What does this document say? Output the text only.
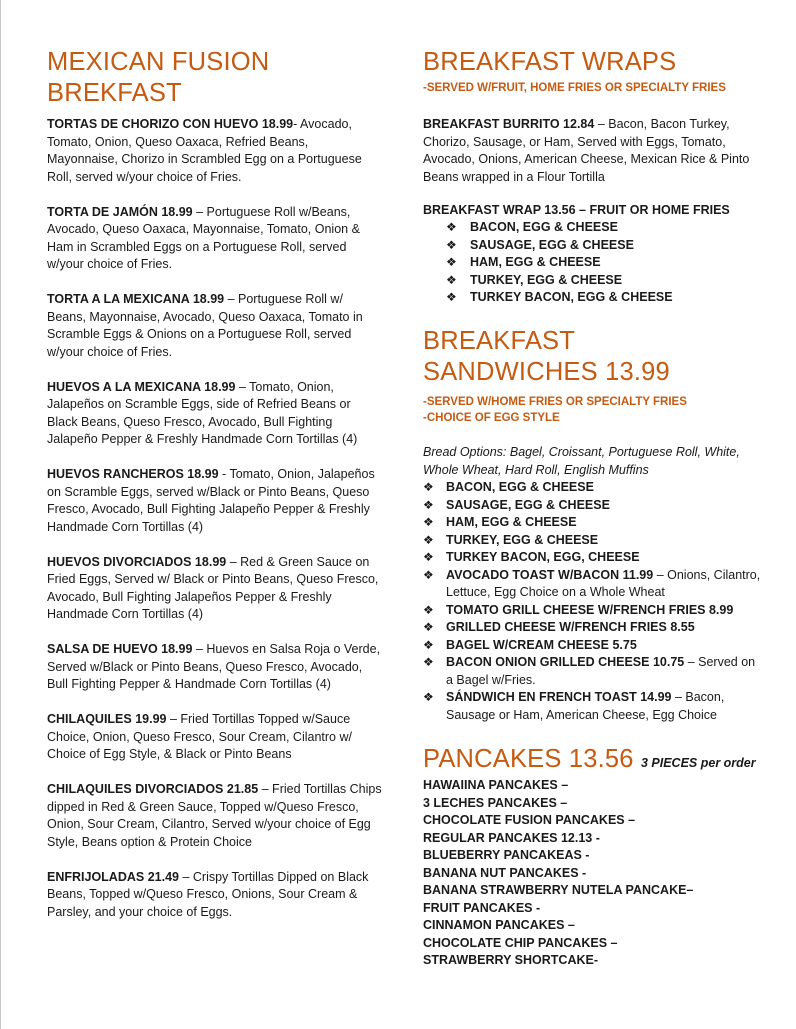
MEXICAN FUSION
BREKFAST
TORTAS DE CHORIZO CON HUEVO 18.99- Avocado, Tomato, Onion, Queso Oaxaca, Refried Beans, Mayonnaise, Chorizo in Scrambled Egg on a Portuguese Roll, served w/your choice of Fries.
TORTA DE JAMÓN 18.99 – Portuguese Roll w/Beans, Avocado, Queso Oaxaca, Mayonnaise, Tomato, Onion & Ham in Scrambled Eggs on a Portuguese Roll, served w/your choice of Fries.
TORTA A LA MEXICANA 18.99 – Portuguese Roll w/ Beans, Mayonnaise, Avocado, Queso Oaxaca, Tomato in Scramble Eggs & Onions on a Portuguese Roll, served w/your choice of Fries.
HUEVOS A LA MEXICANA 18.99 – Tomato, Onion, Jalapeños on Scramble Eggs, side of Refried Beans or Black Beans, Queso Fresco, Avocado, Bull Fighting Jalapeño Pepper & Freshly Handmade Corn Tortillas (4)
HUEVOS RANCHEROS 18.99 - Tomato, Onion, Jalapeños on Scramble Eggs, served w/Black or Pinto Beans, Queso Fresco, Avocado, Bull Fighting Jalapeño Pepper & Freshly Handmade Corn Tortillas (4)
HUEVOS DIVORCIADOS 18.99 – Red & Green Sauce on Fried Eggs, Served w/ Black or Pinto Beans, Queso Fresco, Avocado, Bull Fighting Jalapeños Pepper & Freshly Handmade Corn Tortillas (4)
SALSA DE HUEVO 18.99 – Huevos en Salsa Roja o Verde, Served w/Black or Pinto Beans, Queso Fresco, Avocado, Bull Fighting Pepper & Handmade Corn Tortillas (4)
CHILAQUILES 19.99 – Fried Tortillas Topped w/Sauce Choice, Onion, Queso Fresco, Sour Cream, Cilantro w/ Choice of Egg Style, & Black or Pinto Beans
CHILAQUILES DIVORCIADOS 21.85 – Fried Tortillas Chips dipped in Red & Green Sauce, Topped w/Queso Fresco, Onion, Sour Cream, Cilantro, Served w/your choice of Egg Style, Beans option & Protein Choice
ENFRIJOLADAS 21.49 – Crispy Tortillas Dipped on Black Beans, Topped w/Queso Fresco, Onions, Sour Cream & Parsley, and your choice of Eggs.
BREAKFAST WRAPS
-SERVED W/FRUIT, HOME FRIES OR SPECIALTY FRIES
BREAKFAST BURRITO 12.84 – Bacon, Bacon Turkey, Chorizo, Sausage, or Ham, Served with Eggs, Tomato, Avocado, Onions, American Cheese, Mexican Rice & Pinto Beans wrapped in a Flour Tortilla
BREAKFAST WRAP 13.56 – FRUIT OR HOME FRIES
❖ BACON, EGG & CHEESE
❖ SAUSAGE, EGG & CHEESE
❖ HAM, EGG & CHEESE
❖ TURKEY, EGG & CHEESE
❖ TURKEY BACON, EGG & CHEESE
BREAKFAST
SANDWICHES 13.99
-SERVED W/HOME FRIES OR SPECIALTY FRIES
-CHOICE OF EGG STYLE
Bread Options: Bagel, Croissant, Portuguese Roll, White, Whole Wheat, Hard Roll, English Muffins
❖ BACON, EGG & CHEESE
❖ SAUSAGE, EGG & CHEESE
❖ HAM, EGG & CHEESE
❖ TURKEY, EGG & CHEESE
❖ TURKEY BACON, EGG, CHEESE
❖ AVOCADO TOAST W/BACON 11.99 – Onions, Cilantro, Lettuce, Egg Choice on a Whole Wheat
❖ TOMATO GRILL CHEESE W/FRENCH FRIES 8.99
❖ GRILLED CHEESE W/FRENCH FRIES 8.55
❖ BAGEL W/CREAM CHEESE 5.75
❖ BACON ONION GRILLED CHEESE 10.75 – Served on a Bagel w/Fries.
❖ SÁNDWICH EN FRENCH TOAST 14.99 – Bacon, Sausage or Ham, American Cheese, Egg Choice
PANCAKES 13.56 3 PIECES per order
HAWAIINA PANCAKES –
3 LECHES PANCAKES –
CHOCOLATE FUSION PANCAKES –
REGULAR PANCAKES 12.13 -
BLUEBERRY PANCAKEAS -
BANANA NUT PANCAKES -
BANANA STRAWBERRY NUTELA PANCAKE–
FRUIT PANCAKES -
CINNAMON PANCAKES –
CHOCOLATE CHIP PANCAKES –
STRAWBERRY SHORTCAKE-
